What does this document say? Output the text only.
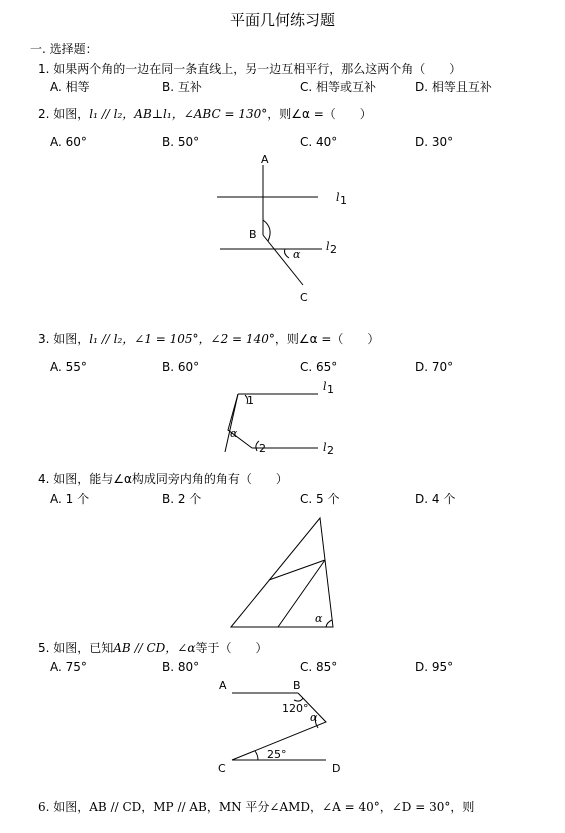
平面几何练习题
一. 选择题：
1. 如果两个角的一边在同一条直线上，另一边互相平行，那么这两个角（　　）
A. 相等	B. 互补	C. 相等或互补	D. 相等且互补
2. 如图，l₁ // l₂，AB⊥l₁，∠ABC = 130°，则∠α =（　　）
A. 60°	B. 50°	C. 40°	D. 30°
A
B
C
α
l 1
l 2
3. 如图，l₁ // l₂，∠1 = 105°，∠2 = 140°，则∠α =（　　）
A. 55°	B. 60°	C. 65°	D. 70°
1
2
α
l 1
l 2
4. 如图，能与∠α构成同旁内角的角有（　　）
A. 1 个	B. 2 个	C. 5 个	D. 4 个
α
5. 如图，已知AB // CD，∠α等于（　　）
A. 75°	B. 80°	C. 85°	D. 95°
A	B
C	D
120°
25°
α
6. 如图，AB // CD，MP // AB，MN 平分∠AMD，∠A = 40°，∠D = 30°，则
